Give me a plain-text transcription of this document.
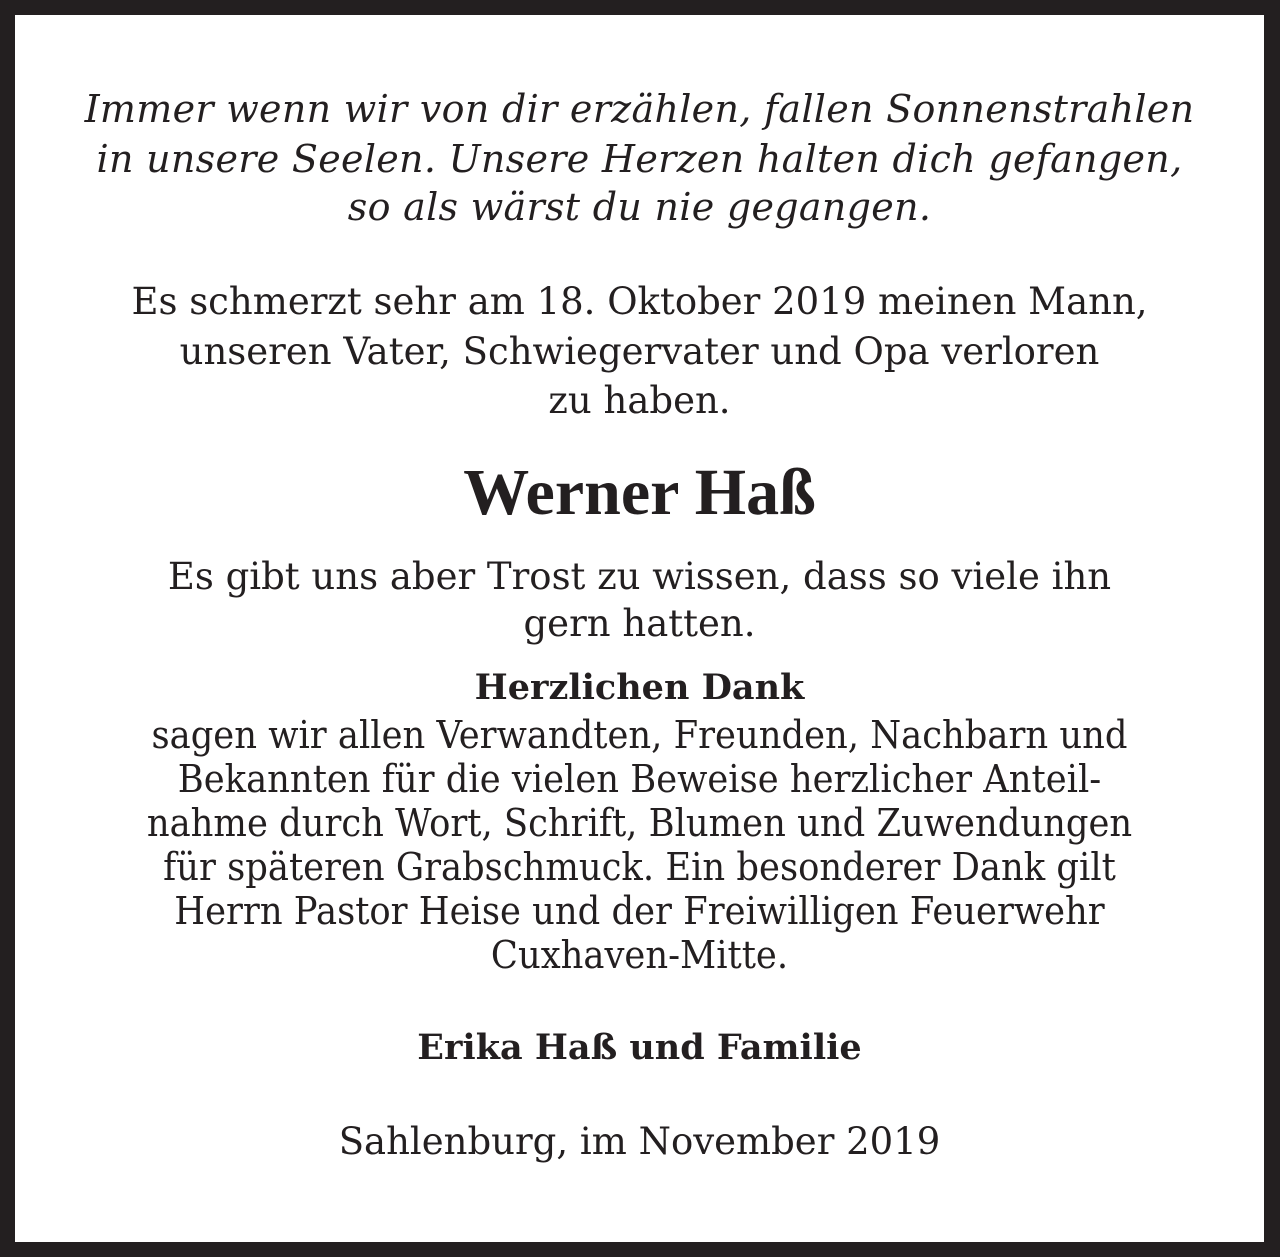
Immer wenn wir von dir erzählen, fallen Sonnenstrahlen
in unsere Seelen. Unsere Herzen halten dich gefangen,
so als wärst du nie gegangen.
Es schmerzt sehr am 18. Oktober 2019 meinen Mann,
unseren Vater, Schwiegervater und Opa verloren
zu haben.
Werner Haß
Es gibt uns aber Trost zu wissen, dass so viele ihn
gern hatten.
Herzlichen Dank
sagen wir allen Verwandten, Freunden, Nachbarn und
Bekannten für die vielen Beweise herzlicher Anteil-
nahme durch Wort, Schrift, Blumen und Zuwendungen
für späteren Grabschmuck. Ein besonderer Dank gilt
Herrn Pastor Heise und der Freiwilligen Feuerwehr
Cuxhaven-Mitte.
Erika Haß und Familie
Sahlenburg, im November 2019
